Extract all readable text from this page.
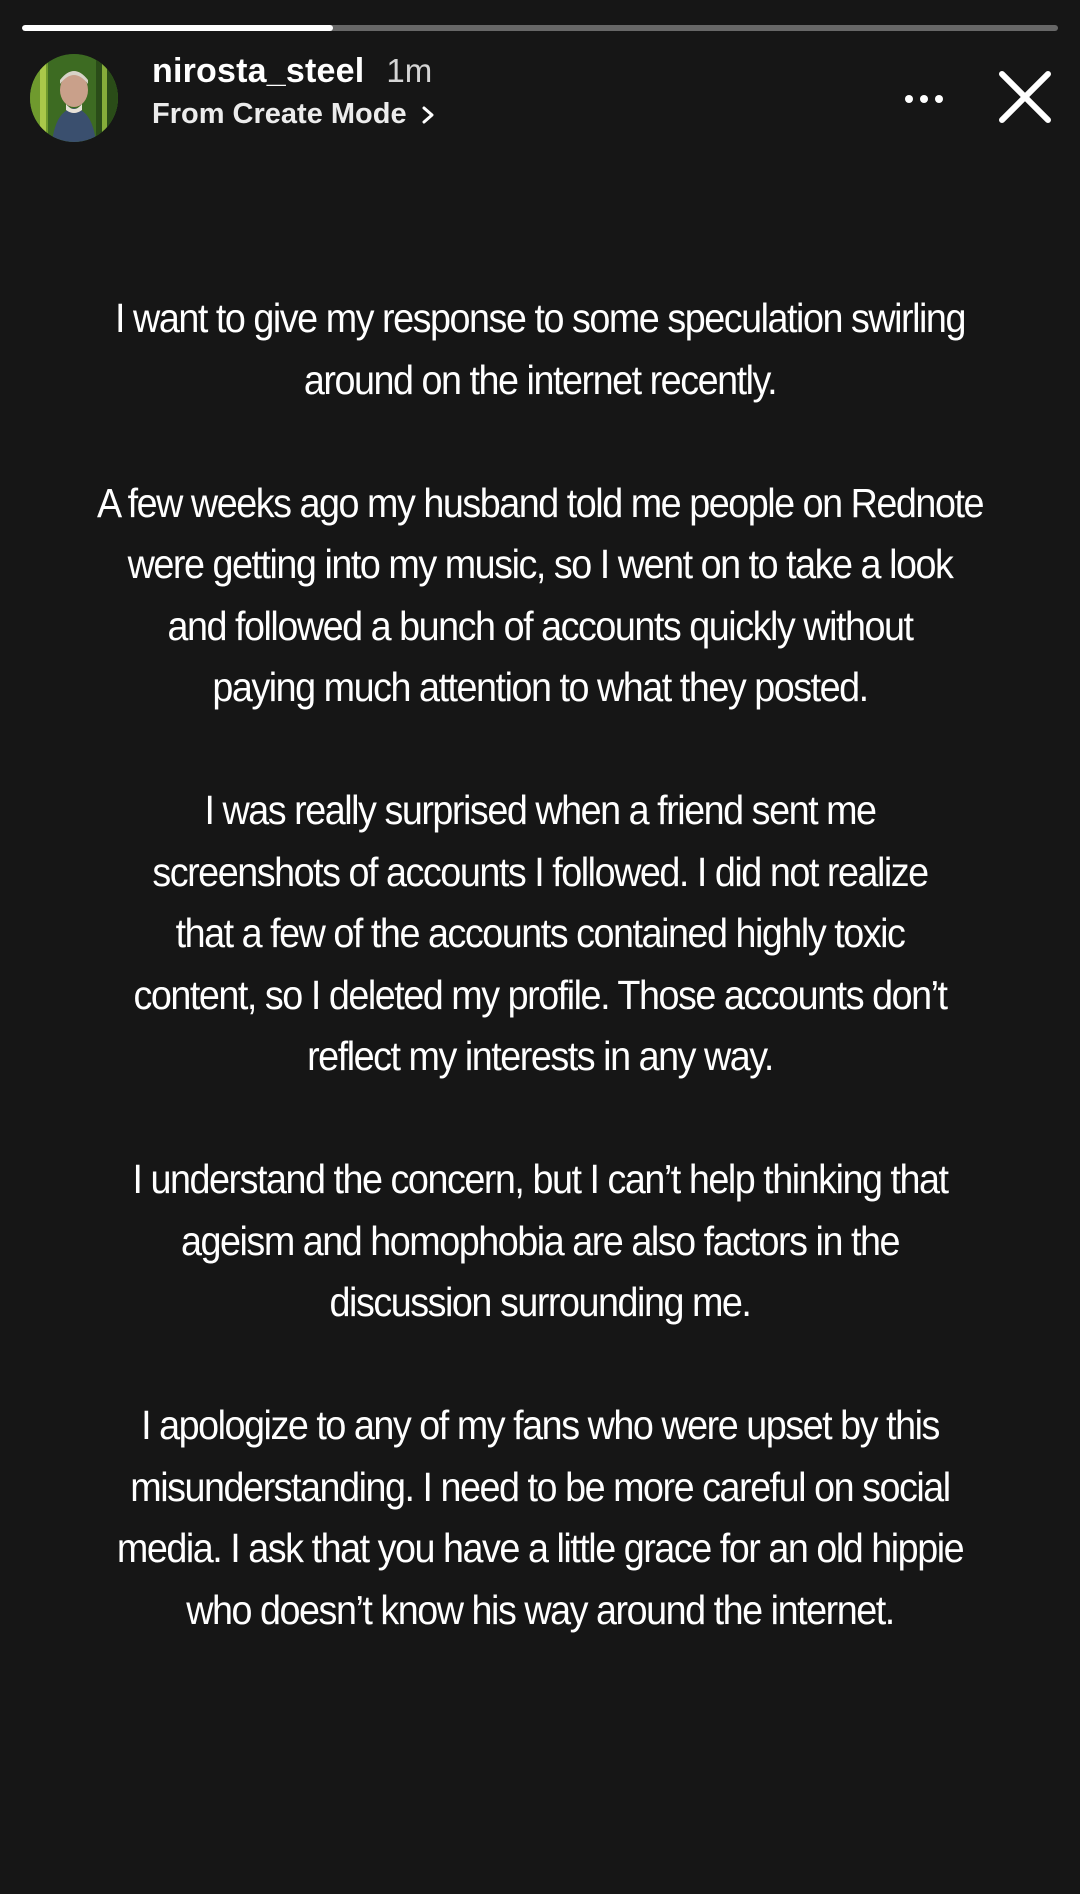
nirosta_steel 1m
From Create Mode

I want to give my response to some speculation swirling
around on the internet recently.

A few weeks ago my husband told me people on Rednote
were getting into my music, so I went on to take a look
and followed a bunch of accounts quickly without
paying much attention to what they posted.

I was really surprised when a friend sent me
screenshots of accounts I followed. I did not realize
that a few of the accounts contained highly toxic
content, so I deleted my profile. Those accounts don’t
reflect my interests in any way.

I understand the concern, but I can’t help thinking that
ageism and homophobia are also factors in the
discussion surrounding me.

I apologize to any of my fans who were upset by this
misunderstanding. I need to be more careful on social
media. I ask that you have a little grace for an old hippie
who doesn’t know his way around the internet.
